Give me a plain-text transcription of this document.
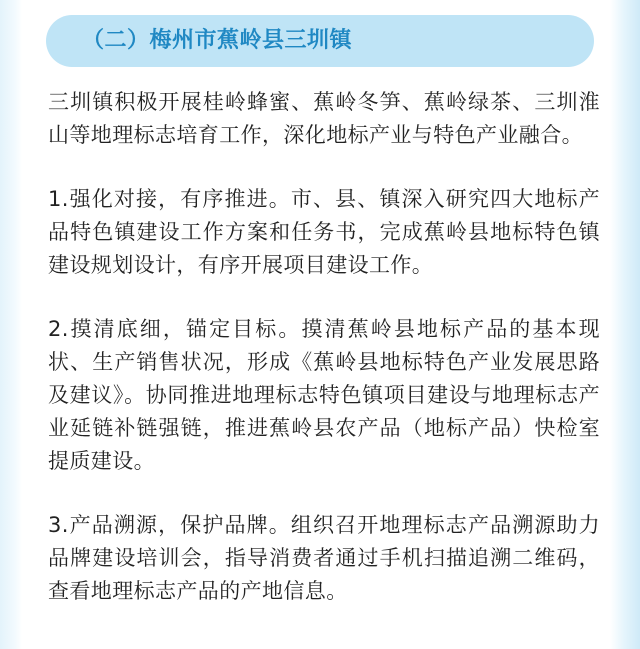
（二）梅州市蕉岭县三圳镇

三圳镇积极开展桂岭蜂蜜、蕉岭冬笋、蕉岭绿茶、三圳淮山等地理标志培育工作，深化地标产业与特色产业融合。

1.强化对接，有序推进。市、县、镇深入研究四大地标产品特色镇建设工作方案和任务书，完成蕉岭县地标特色镇建设规划设计，有序开展项目建设工作。

2.摸清底细，锚定目标。摸清蕉岭县地标产品的基本现状、生产销售状况，形成《蕉岭县地标特色产业发展思路及建议》。协同推进地理标志特色镇项目建设与地理标志产业延链补链强链，推进蕉岭县农产品（地标产品）快检室提质建设。

3.产品溯源，保护品牌。组织召开地理标志产品溯源助力品牌建设培训会，指导消费者通过手机扫描追溯二维码，查看地理标志产品的产地信息。
